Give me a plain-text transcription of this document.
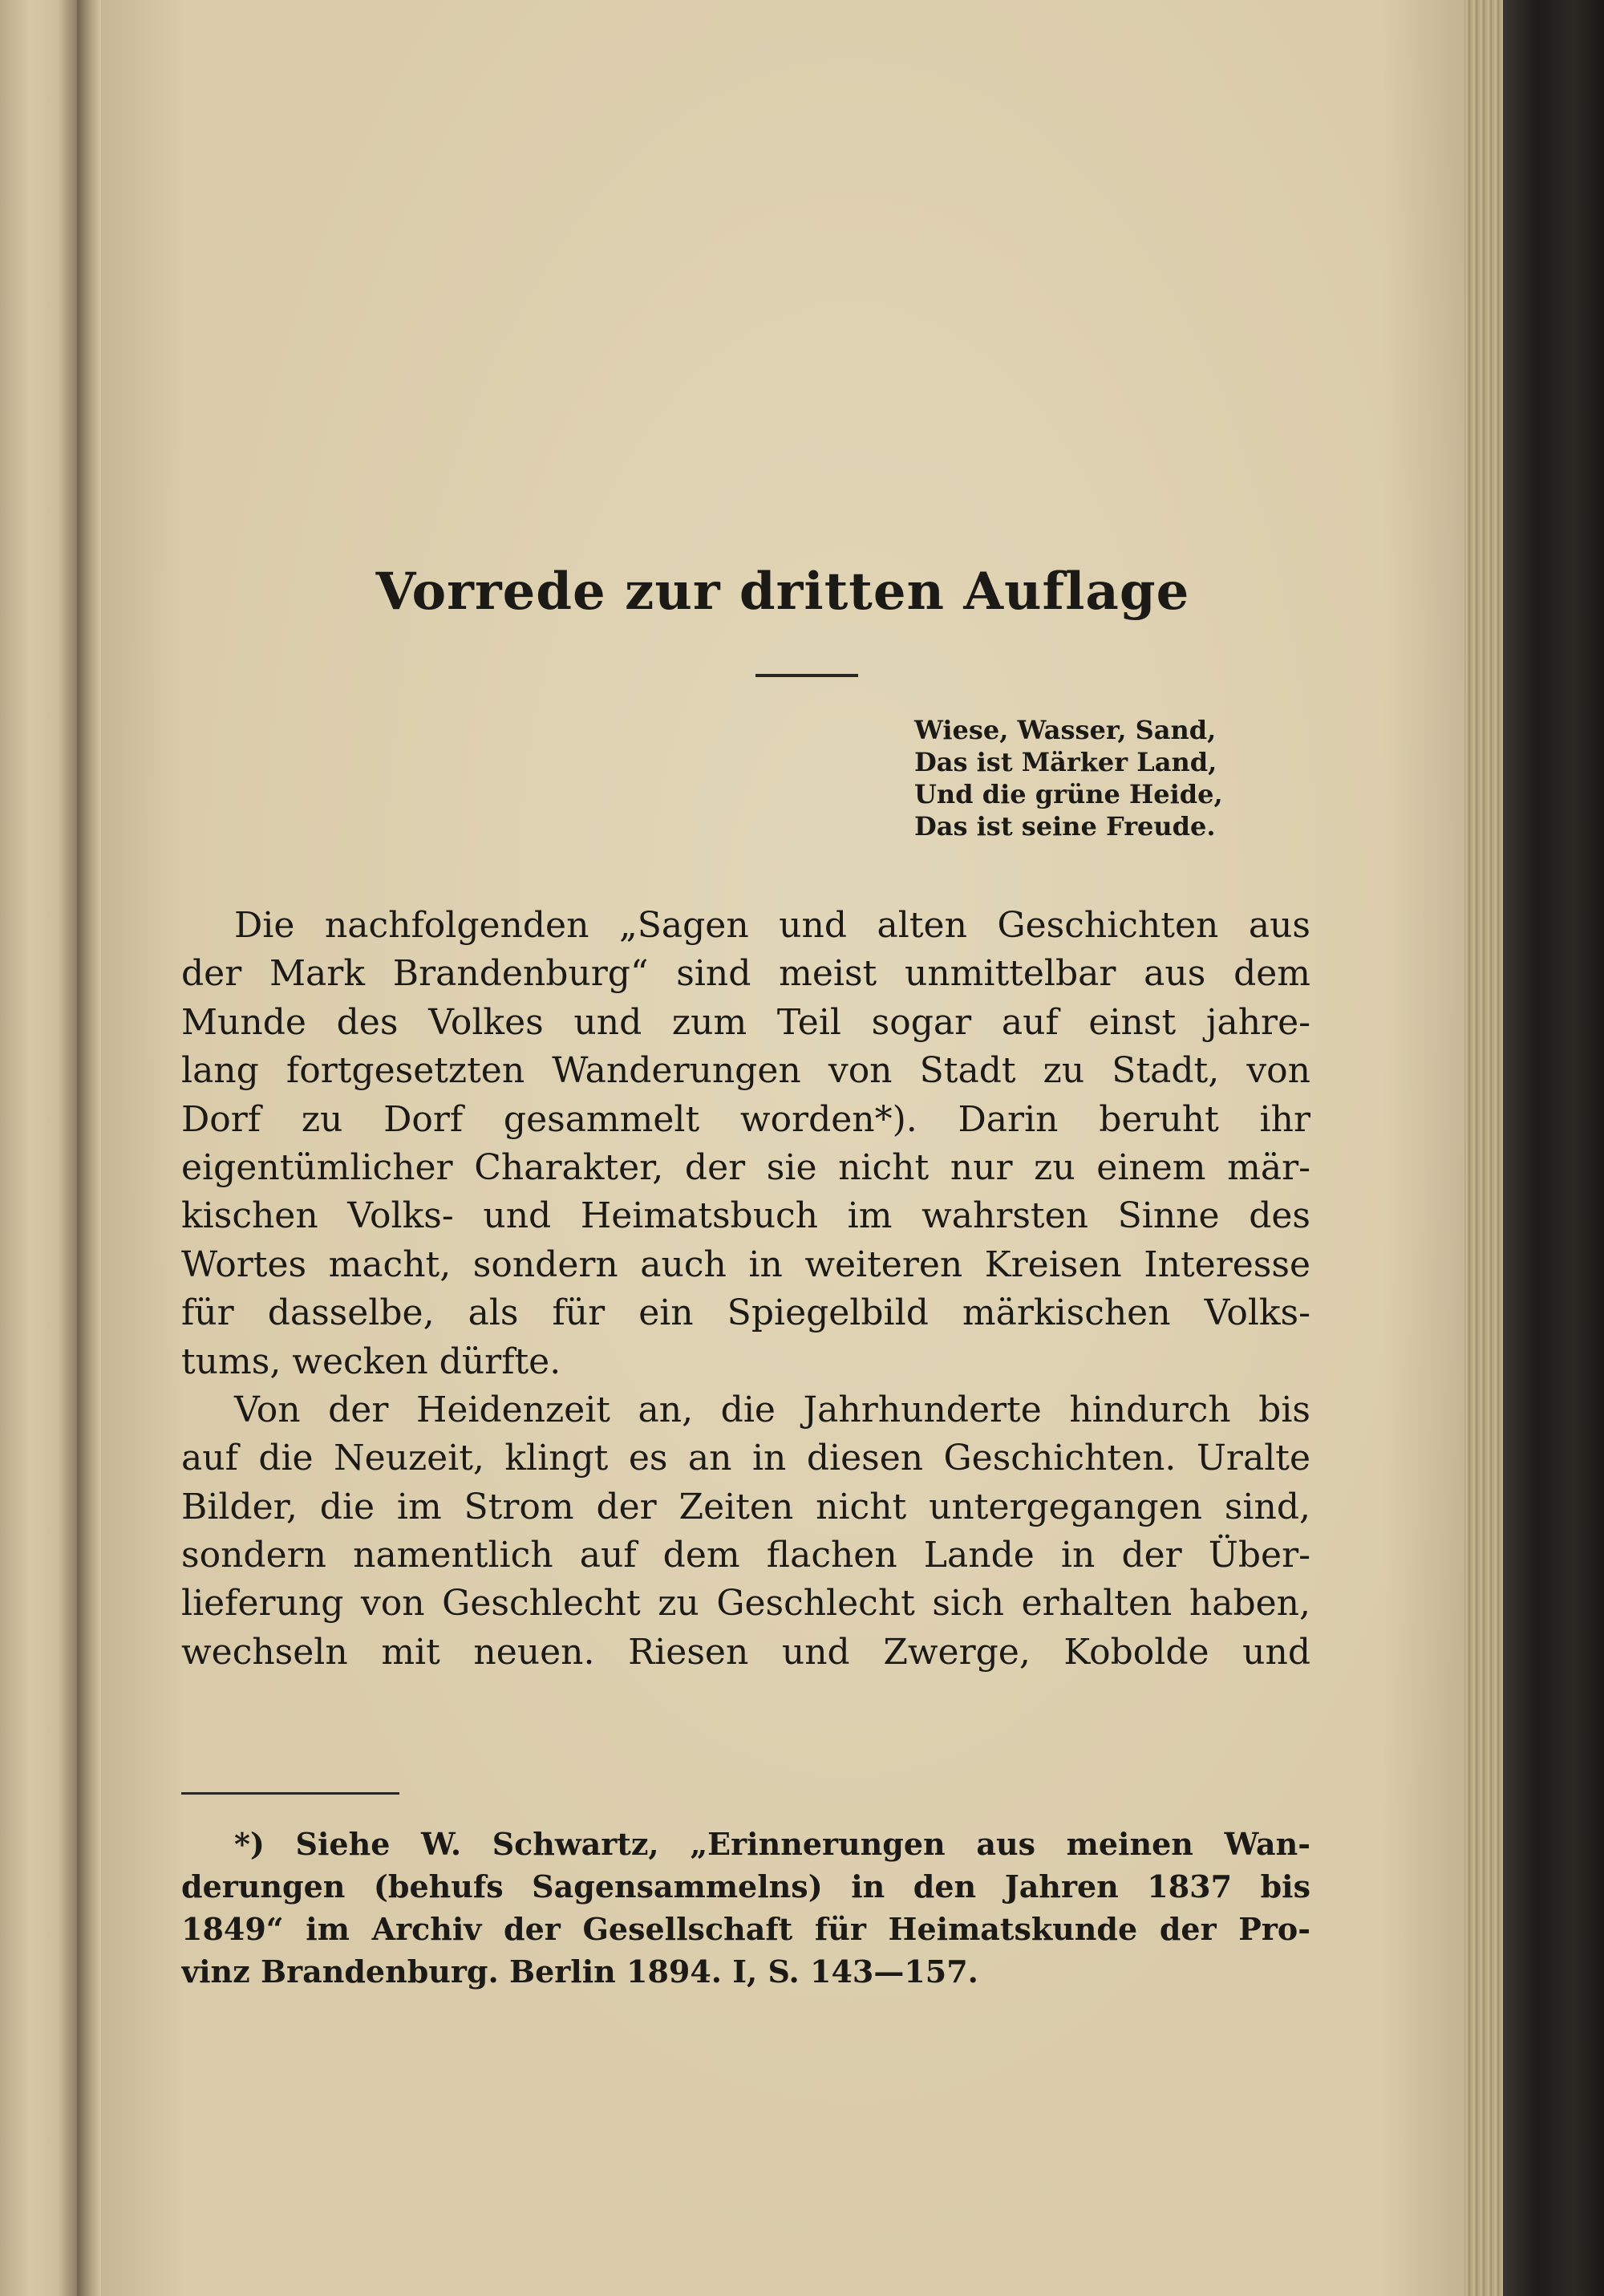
Vorrede zur dritten Auflage
Wiese, Wasser, Sand,
Das ist Märker Land,
Und die grüne Heide,
Das ist seine Freude.
Die nachfolgenden „Sagen und alten Geschichten aus
der Mark Brandenburg“ sind meist unmittelbar aus dem
Munde des Volkes und zum Teil sogar auf einst jahre-
lang fortgesetzten Wanderungen von Stadt zu Stadt, von
Dorf zu Dorf gesammelt worden*). Darin beruht ihr
eigentümlicher Charakter, der sie nicht nur zu einem mär-
kischen Volks- und Heimatsbuch im wahrsten Sinne des
Wortes macht, sondern auch in weiteren Kreisen Interesse
für dasselbe, als für ein Spiegelbild märkischen Volks-
tums, wecken dürfte.
Von der Heidenzeit an, die Jahrhunderte hindurch bis
auf die Neuzeit, klingt es an in diesen Geschichten. Uralte
Bilder, die im Strom der Zeiten nicht untergegangen sind,
sondern namentlich auf dem flachen Lande in der Über-
lieferung von Geschlecht zu Geschlecht sich erhalten haben,
wechseln mit neuen. Riesen und Zwerge, Kobolde und
*) Siehe W. Schwartz, „Erinnerungen aus meinen Wan-
derungen (behufs Sagensammelns) in den Jahren 1837 bis
1849“ im Archiv der Gesellschaft für Heimatskunde der Pro-
vinz Brandenburg. Berlin 1894. I, S. 143—157.
